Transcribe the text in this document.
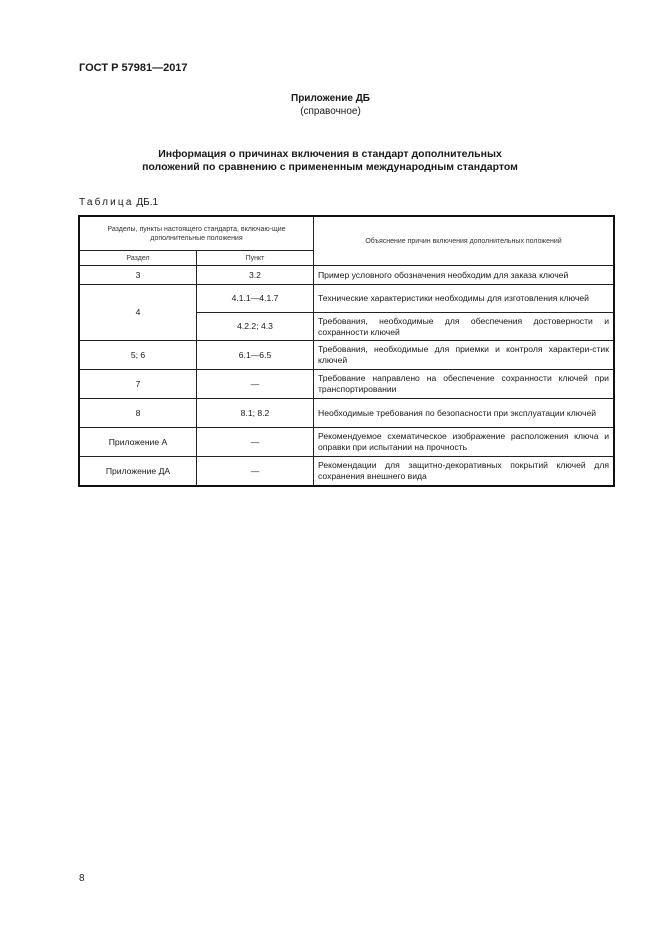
ГОСТ Р 57981—2017
Приложение ДБ
(справочное)
Информация о причинах включения в стандарт дополнительных
положений по сравнению с примененным международным стандартом
Таблица ДБ.1
Разделы, пункты настоящего стандарта, включаю-щие дополнительные положения		Объяснение причин включения дополнительных положений
Раздел	Пункт	
3	3.2	Пример условного обозначения необходим для заказа ключей
4	4.1.1—4.1.7	Технические характеристики необходимы для изготовления ключей
	4.2.2; 4.3	Требования, необходимые для обеспечения достоверности и сохранности ключей
5; 6	6.1—6.5	Требования, необходимые для приемки и контроля характери-стик ключей
7	—	Требование направлено на обеспечение сохранности ключей при транспортировании
8	8.1; 8.2	Необходимые требования по безопасности при эксплуатации ключей
Приложение А	—	Рекомендуемое схематическое изображение расположения ключа и оправки при испытании на прочность
Приложение ДА	—	Рекомендации для защитно-декоративных покрытий ключей для сохранения внешнего вида
8
